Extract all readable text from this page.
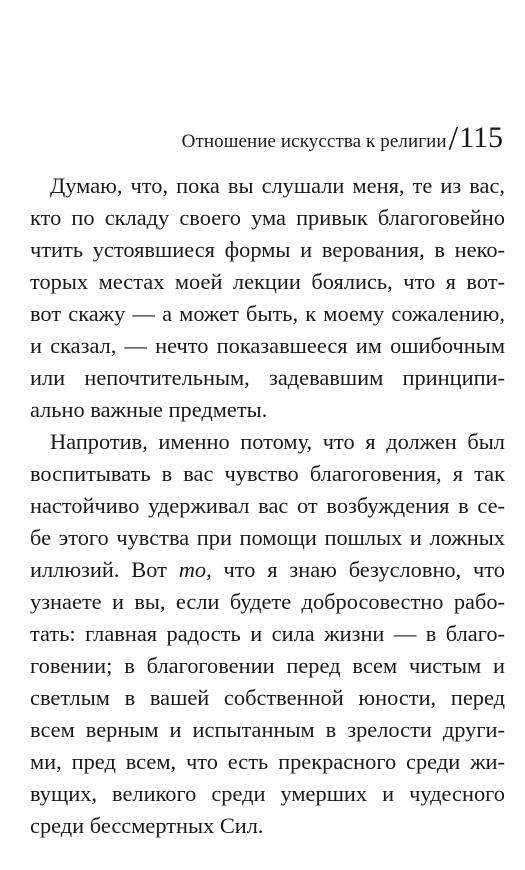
Отношение искусства к религии / 115
Думаю, что, пока вы слушали меня, те из вас,
кто по складу своего ума привык благоговейно
чтить устоявшиеся формы и верования, в неко-
торых местах моей лекции боялись, что я вот-
вот скажу — а может быть, к моему сожалению,
и сказал, — нечто показавшееся им ошибочным
или непочтительным, задевавшим принципи-
ально важные предметы.
Напротив, именно потому, что я должен был
воспитывать в вас чувство благоговения, я так
настойчиво удерживал вас от возбуждения в се-
бе этого чувства при помощи пошлых и ложных
иллюзий. Вот то, что я знаю безусловно, что
узнаете и вы, если будете добросовестно рабо-
тать: главная радость и сила жизни — в благо-
говении; в благоговении перед всем чистым и
светлым в вашей собственной юности, перед
всем верным и испытанным в зрелости други-
ми, пред всем, что есть прекрасного среди жи-
вущих, великого среди умерших и чудесного
среди бессмертных Сил.
